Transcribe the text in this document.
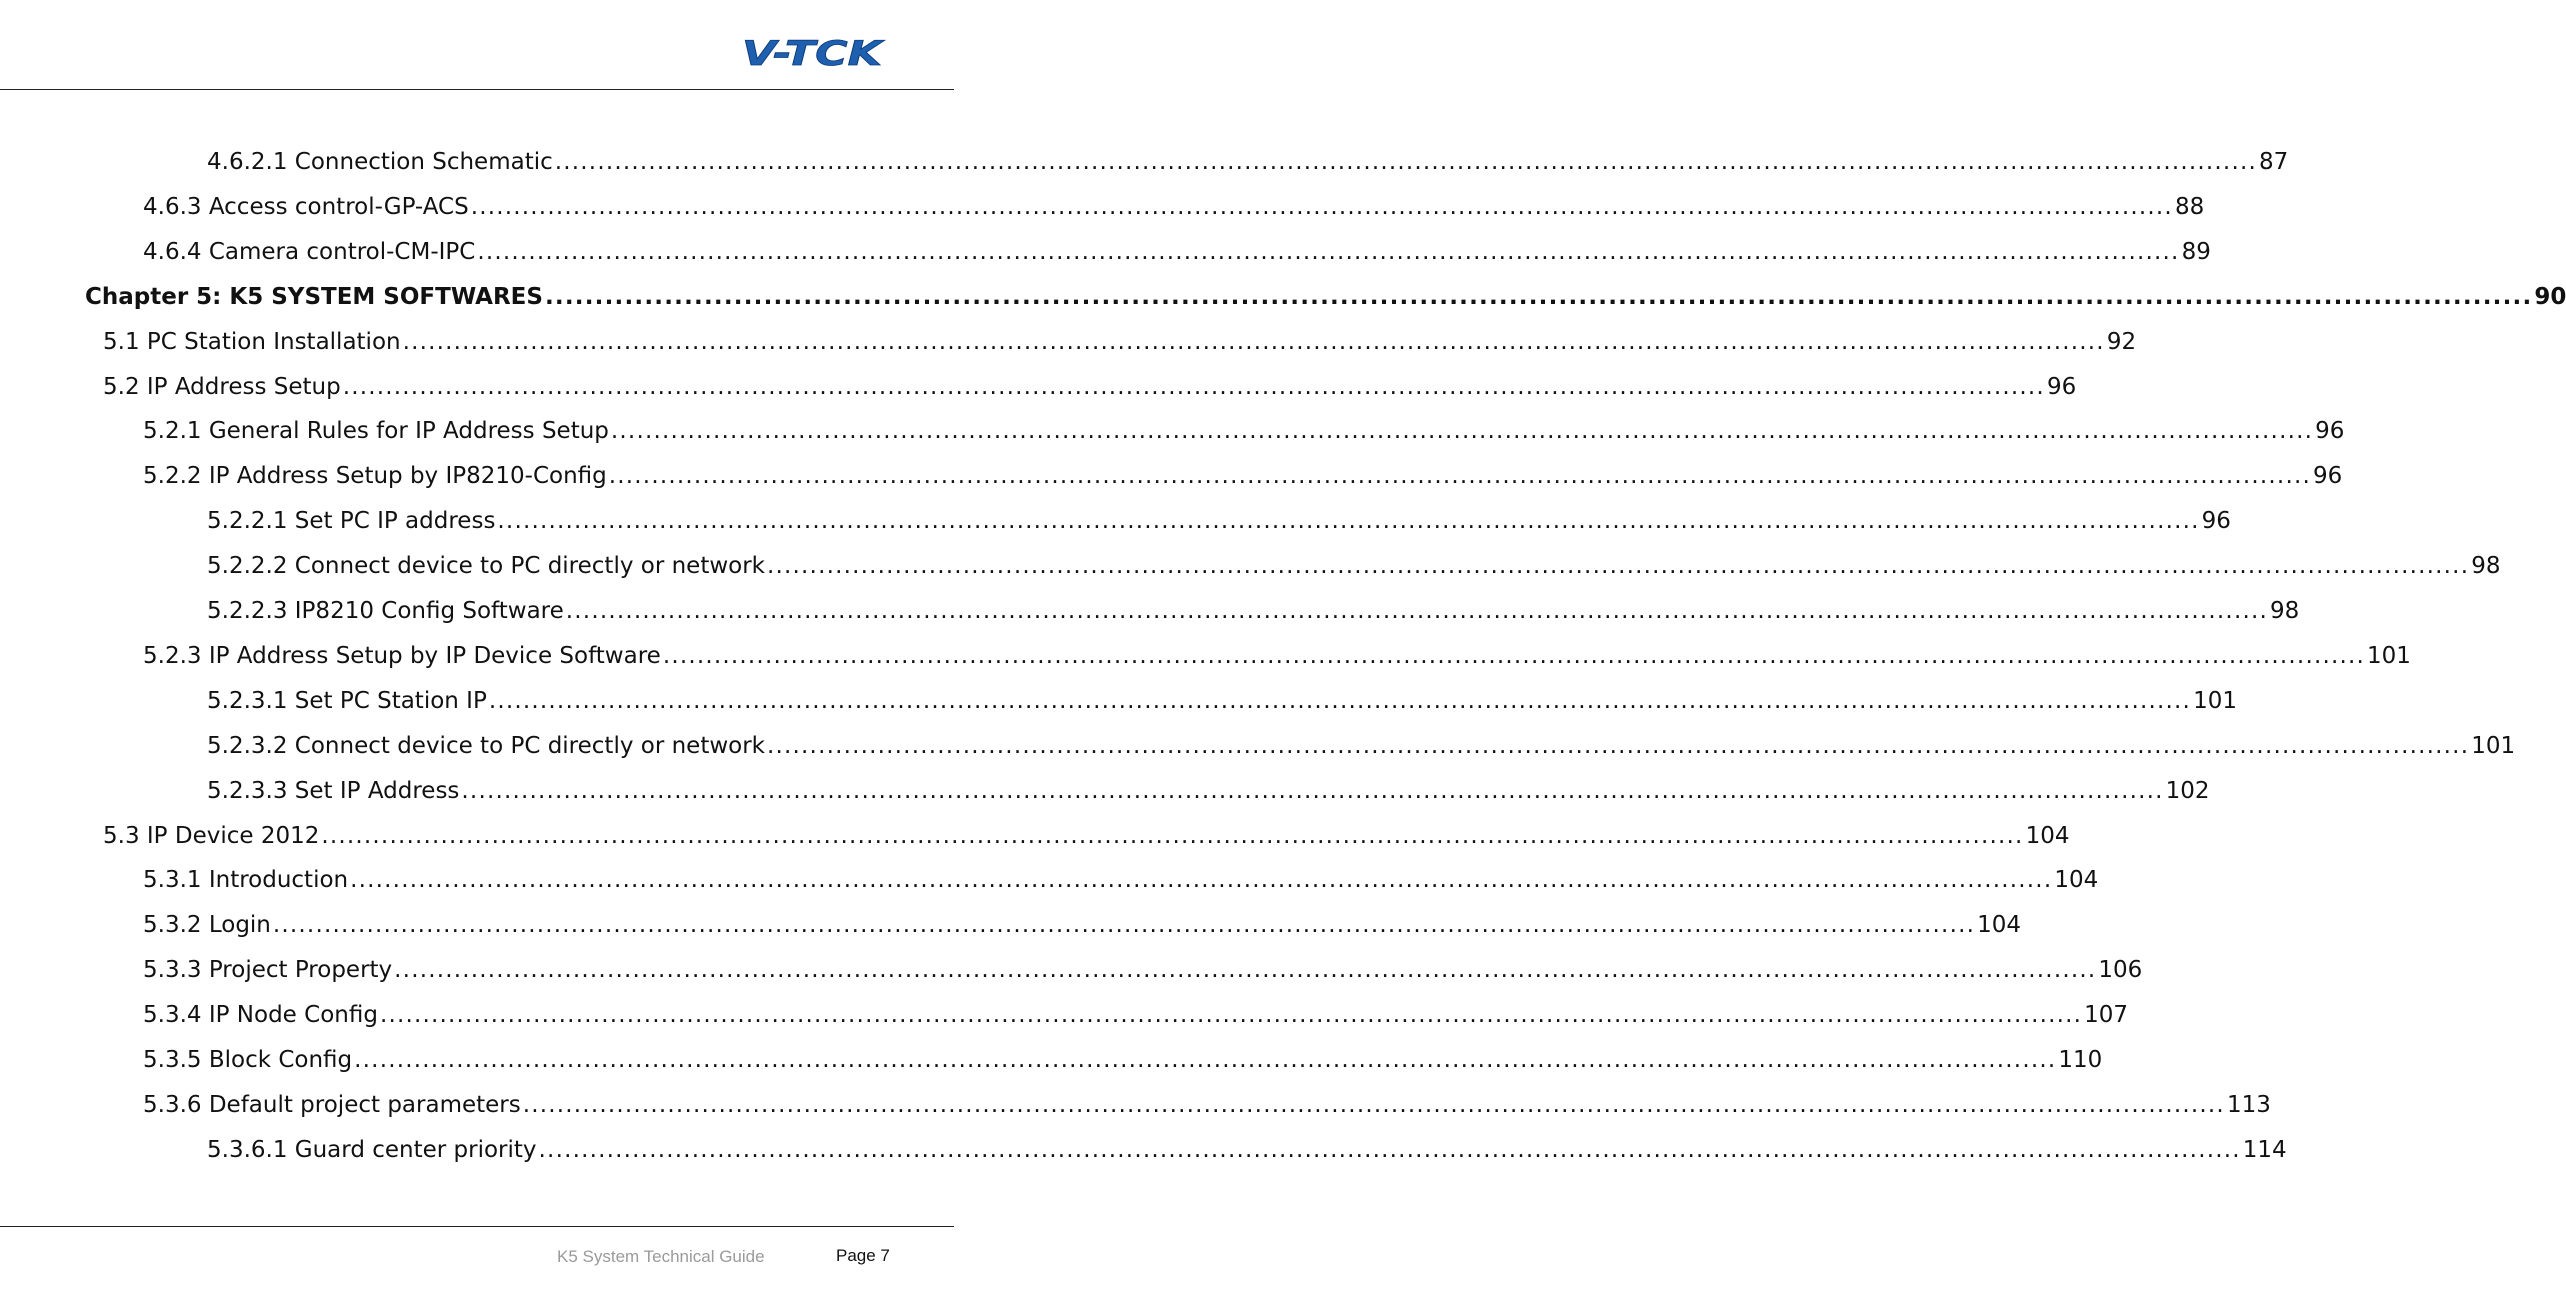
V-TCK
4.6.2.1 Connection Schematic ........................................................................................................................................................................................................ 87
4.6.3 Access control-GP-ACS ........................................................................................................................................................................................................ 88
4.6.4 Camera control-CM-IPC ........................................................................................................................................................................................................ 89
Chapter 5: K5 SYSTEM SOFTWARES ........................................................................................................................................................................................................ 90
5.1 PC Station Installation ........................................................................................................................................................................................................ 92
5.2 IP Address Setup ........................................................................................................................................................................................................ 96
5.2.1 General Rules for IP Address Setup ........................................................................................................................................................................................................ 96
5.2.2 IP Address Setup by IP8210-Config ........................................................................................................................................................................................................ 96
5.2.2.1 Set PC IP address ........................................................................................................................................................................................................ 96
5.2.2.2 Connect device to PC directly or network ........................................................................................................................................................................................................ 98
5.2.2.3 IP8210 Config Software ........................................................................................................................................................................................................ 98
5.2.3 IP Address Setup by IP Device Software ........................................................................................................................................................................................................ 101
5.2.3.1 Set PC Station IP ........................................................................................................................................................................................................ 101
5.2.3.2 Connect device to PC directly or network ........................................................................................................................................................................................................ 101
5.2.3.3 Set IP Address ........................................................................................................................................................................................................ 102
5.3 IP Device 2012 ........................................................................................................................................................................................................ 104
5.3.1 Introduction ........................................................................................................................................................................................................ 104
5.3.2 Login ........................................................................................................................................................................................................ 104
5.3.3 Project Property ........................................................................................................................................................................................................ 106
5.3.4 IP Node Config ........................................................................................................................................................................................................ 107
5.3.5 Block Config ........................................................................................................................................................................................................ 110
5.3.6 Default project parameters ........................................................................................................................................................................................................ 113
5.3.6.1 Guard center priority ........................................................................................................................................................................................................ 114
K5 System Technical Guide	Page 7
